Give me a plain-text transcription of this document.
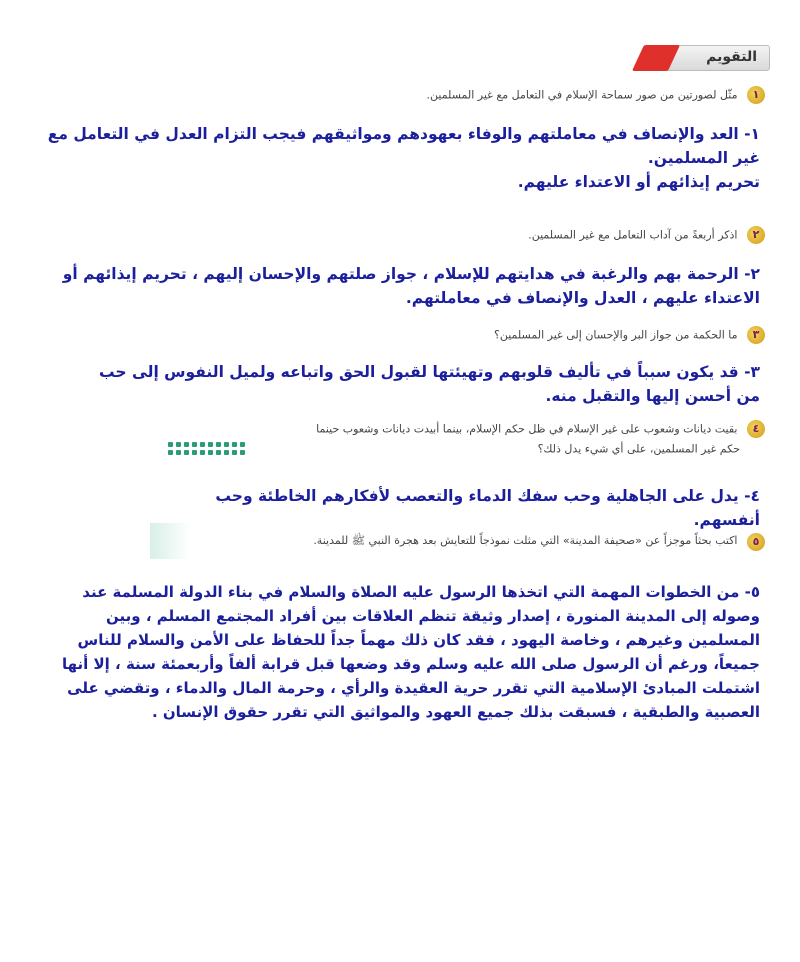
التقويم
١ مثّل لصورتين من صور سماحة الإسلام في التعامل مع غير المسلمين.
١- العد والإنصاف في معاملتهم والوفاء بعهودهم ومواثيقهم فيجب التزام العدل في التعامل مع
غير المسلمين.
تحريم إيذائهم أو الاعتداء عليهم.
٢ اذكر أربعةً من آداب التعامل مع غير المسلمين.
٢- الرحمة بهم والرغبة في هدايتهم للإسلام ، جواز صلتهم والإحسان إليهم ، تحريم إيذائهم أو
الاعتداء عليهم ، العدل والإنصاف في معاملتهم.
٣ ما الحكمة من جواز البر والإحسان إلى غير المسلمين؟
٣- قد يكون سبباً في تأليف قلوبهم وتهيئتها لقبول الحق واتباعه ولميل النفوس إلى حب
من أحسن إليها والتقبل منه.
٤ بقيت ديانات وشعوب على غير الإسلام في ظل حكم الإسلام، بينما أبيدت ديانات وشعوب حينما
حكم غير المسلمين، على أي شيء يدل ذلك؟
٤- يدل على الجاهلية وحب سفك الدماء والتعصب لأفكارهم الخاطئة وحب أنفسهم.
٥ اكتب بحثاً موجزاً عن «صحيفة المدينة» التي مثلت نموذجاً للتعايش بعد هجرة النبي ﷺ للمدينة.
٥- من الخطوات المهمة التي اتخذها الرسول عليه الصلاة والسلام في بناء الدولة المسلمة عند
وصوله إلى المدينة المنورة ، إصدار وثيقة تنظم العلاقات بين أفراد المجتمع المسلم ، وبين
المسلمين وغيرهم ، وخاصة اليهود ، فقد كان ذلك مهماً جداً للحفاظ على الأمن والسلام للناس
جميعاً، ورغم أن الرسول صلى الله عليه وسلم وقد وضعها قبل قرابة ألفاً وأربعمئة سنة ، إلا أنها
اشتملت المبادئ الإسلامية التي تقرر حرية العقيدة والرأي ، وحرمة المال والدماء ، وتقضي على
العصبية والطبقية ، فسبقت بذلك جميع العهود والمواثيق التي تقرر حقوق الإنسان .
